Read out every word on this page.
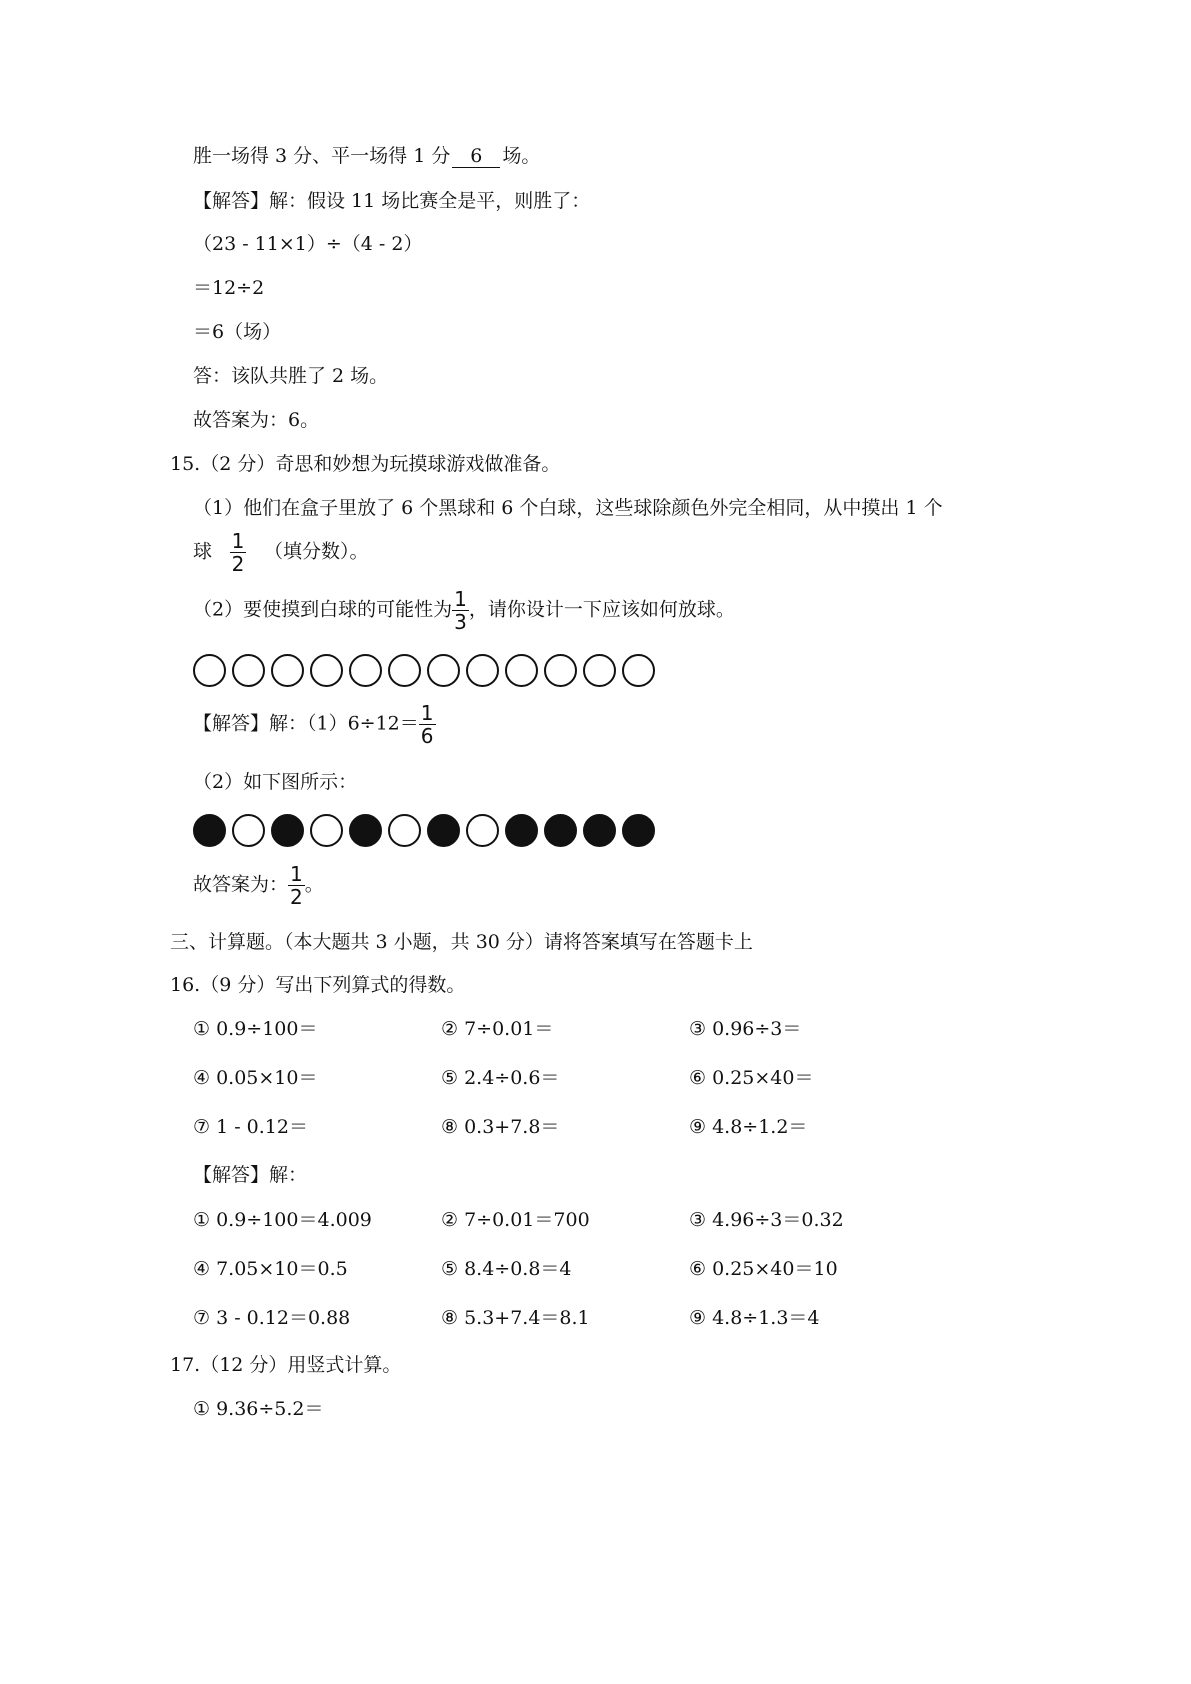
胜一场得 3 分、平一场得 1 分 6 场。
【解答】解：假设 11 场比赛全是平，则胜了：
（23 - 11×1）÷（4 - 2）
＝12÷2
＝6（场）
答：该队共胜了 2 场。
故答案为：6。
15.（2 分）奇思和妙想为玩摸球游戏做准备。
（1）他们在盒子里放了 6 个黑球和 6 个白球，这些球除颜色外完全相同，从中摸出 1 个
球 $\frac{1}{2}$ （填分数）。
（2）要使摸到白球的可能性为 $\frac{1}{3}$ ，请你设计一下应该如何放球。
【解答】解：$(1)6\div 12= \frac{1}{6}$
（2）如下图所示：
故答案为： $\frac{1}{2}$ 。
三、计算题。（本大题共 3 小题，共 30 分）请将答案填写在答题卡上
16.（9 分）写出下列算式的得数。
① 0.9÷100＝	② 7÷0.01＝	③ 0.96÷3＝
④ 0.05×10＝	⑤ 2.4÷0.6＝	⑥ 0.25×40＝
⑦ 1 - 0.12＝	⑧ 0.3+7.8＝	⑨ 4.8÷1.2＝
【解答】解：
① 0.9÷100＝4.009	② 7÷0.01＝700	③ 4.96÷3＝0.32
④ 7.05×10＝0.5	⑤ 8.4÷0.8＝4	⑥ 0.25×40＝10
⑦ 3 - 0.12＝0.88	⑧ 5.3+7.4＝8.1	⑨ 4.8÷1.3＝4
17.（12 分）用竖式计算。
① 9.36÷5.2＝
